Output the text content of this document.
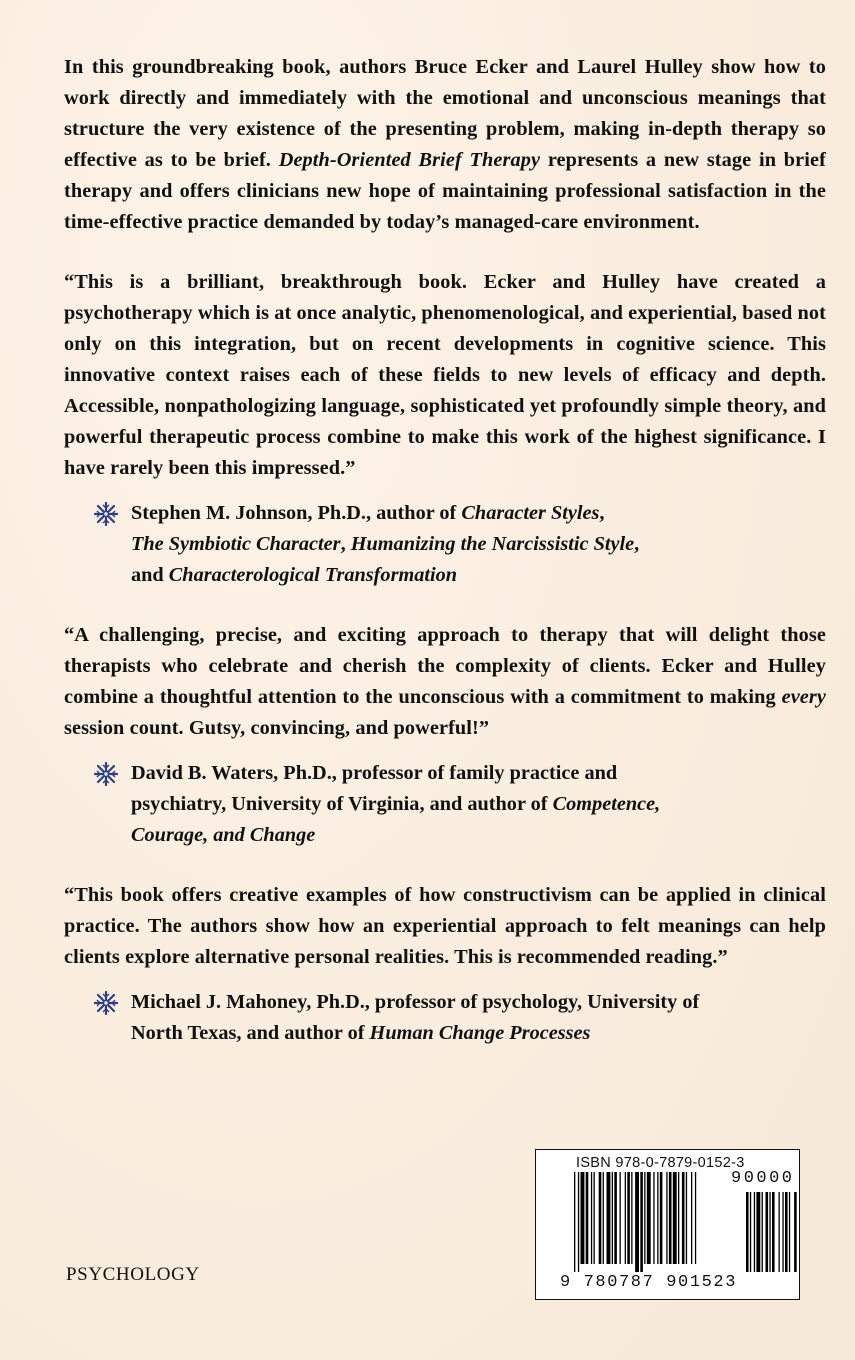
In this groundbreaking book, authors Bruce Ecker and Laurel Hulley show how to work directly and immediately with the emotional and unconscious meanings that structure the very existence of the presenting problem, making in-depth therapy so effective as to be brief. Depth-Oriented Brief Therapy represents a new stage in brief therapy and offers clinicians new hope of maintaining professional satisfaction in the time-effective practice demanded by today’s managed-care environment.

“This is a brilliant, breakthrough book. Ecker and Hulley have created a psychotherapy which is at once analytic, phenomenological, and experiential, based not only on this integration, but on recent developments in cognitive science. This innovative context raises each of these fields to new levels of efficacy and depth. Accessible, nonpathologizing language, sophisticated yet profoundly simple theory, and powerful therapeutic process combine to make this work of the highest significance. I have rarely been this impressed.”

Stephen M. Johnson, Ph.D., author of Character Styles,
The Symbiotic Character, Humanizing the Narcissistic Style,
and Characterological Transformation

“A challenging, precise, and exciting approach to therapy that will delight those therapists who celebrate and cherish the complexity of clients. Ecker and Hulley combine a thoughtful attention to the unconscious with a commitment to making every session count. Gutsy, convincing, and powerful!”

David B. Waters, Ph.D., professor of family practice and
psychiatry, University of Virginia, and author of Competence,
Courage, and Change

“This book offers creative examples of how constructivism can be applied in clinical practice. The authors show how an experiential approach to felt meanings can help clients explore alternative personal realities. This is recommended reading.”

Michael J. Mahoney, Ph.D., professor of psychology, University of
North Texas, and author of Human Change Processes
PSYCHOLOGY
ISBN 978-0-7879-0152-3
90000
9 780787 901523
